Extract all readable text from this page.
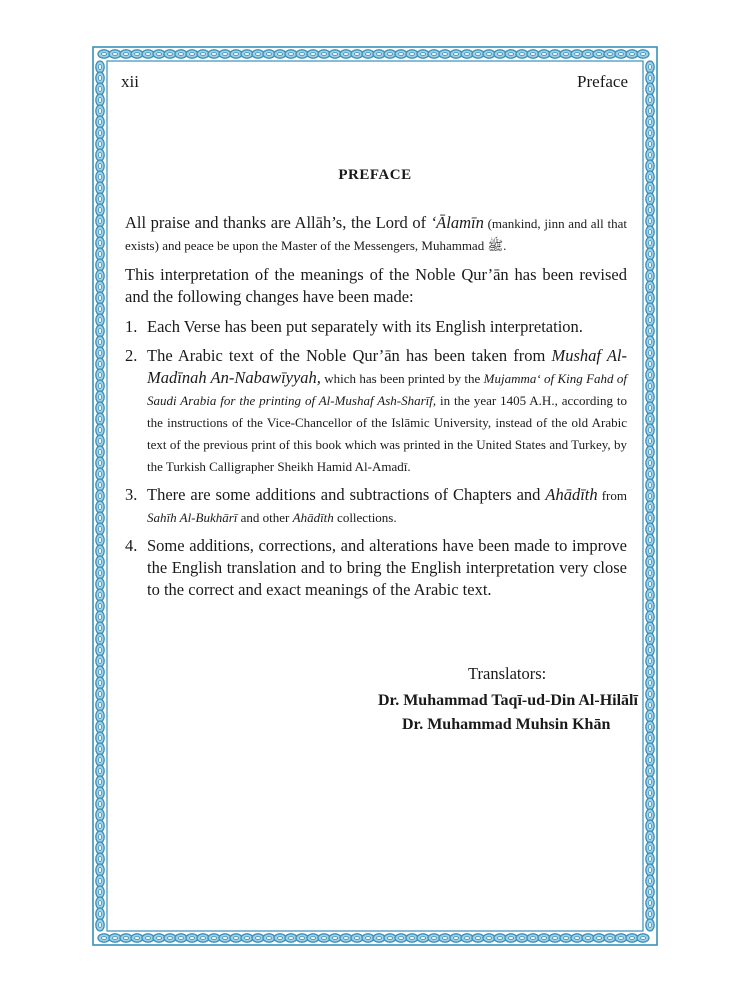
xii	Preface
PREFACE

All praise and thanks are Allāh’s, the Lord of ‘Ālamīn (mankind, jinn and all that exists) and peace be upon the Master of the Messengers, Muhammad ﷺ.

This interpretation of the meanings of the Noble Qur’ān has been revised and the following changes have been made:

1. Each Verse has been put separately with its English interpretation.
2. The Arabic text of the Noble Qur’ān has been taken from Mushaf Al-Madīnah An-Nabawīyyah, which has been printed by the Mujamma‘ of King Fahd of Saudi Arabia for the printing of Al-Mushaf Ash-Sharīf, in the year 1405 A.H., according to the instructions of the Vice-Chancellor of the Islāmic University, instead of the old Arabic text of the previous print of this book which was printed in the United States and Turkey, by the Turkish Calligrapher Sheikh Hamid Al-Amadī.
3. There are some additions and subtractions of Chapters and Ahādīth from Sahīh Al-Bukhārī and other Ahādīth collections.
4. Some additions, corrections, and alterations have been made to improve the English translation and to bring the English interpretation very close to the correct and exact meanings of the Arabic text.
Translators:
Dr. Muhammad Taqī-ud-Din Al-Hilālī
Dr. Muhammad Muhsin Khān
